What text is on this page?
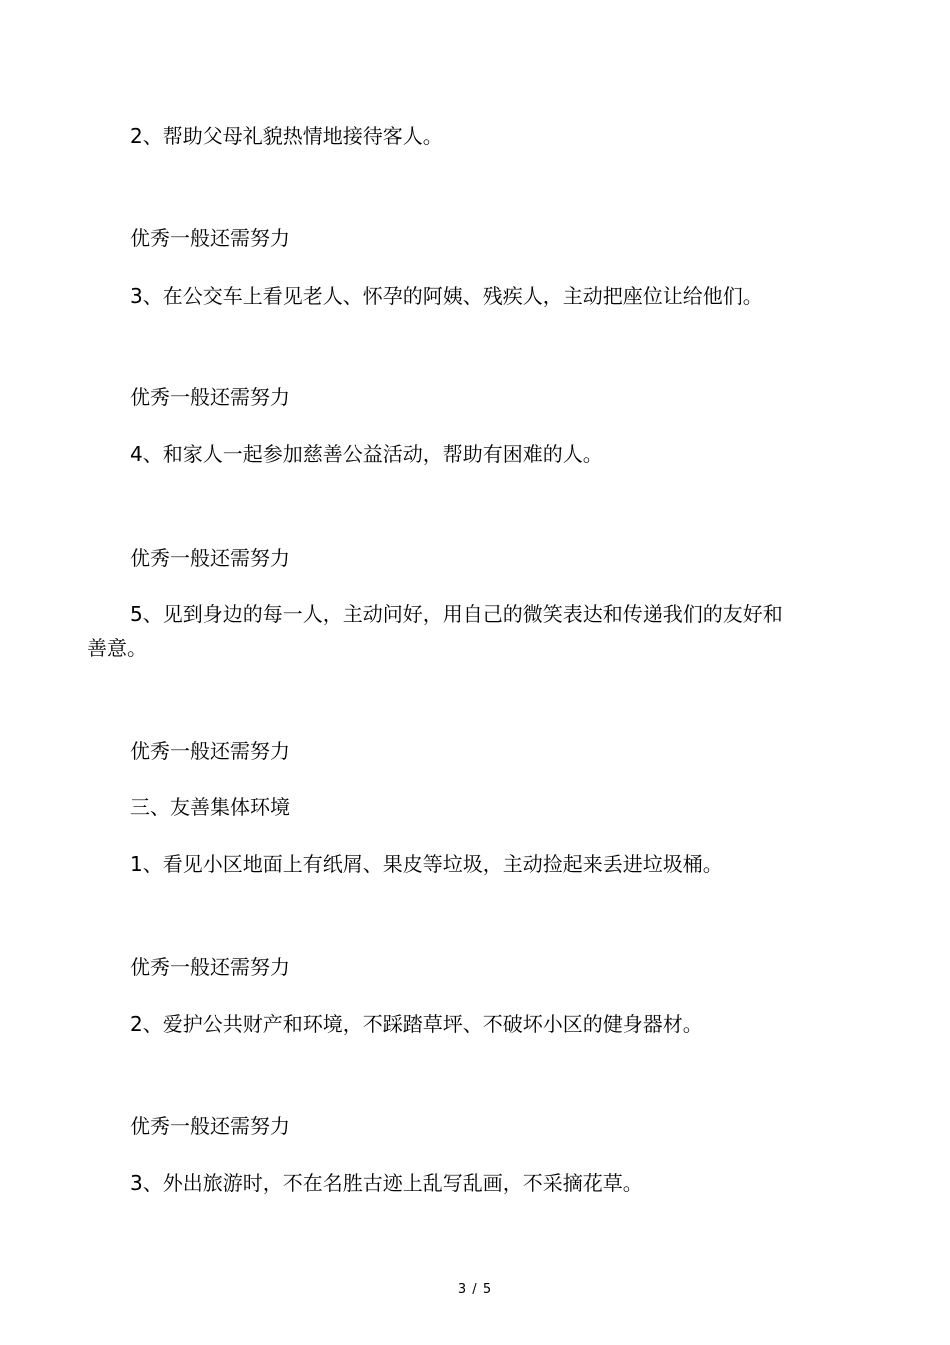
2、帮助父母礼貌热情地接待客人。
优秀一般还需努力
3、在公交车上看见老人、怀孕的阿姨、残疾人，主动把座位让给他们。
优秀一般还需努力
4、和家人一起参加慈善公益活动，帮助有困难的人。
优秀一般还需努力
5、见到身边的每一人，主动问好，用自己的微笑表达和传递我们的友好和
善意。
优秀一般还需努力
三、友善集体环境
1、看见小区地面上有纸屑、果皮等垃圾，主动捡起来丢进垃圾桶。
优秀一般还需努力
2、爱护公共财产和环境，不踩踏草坪、不破坏小区的健身器材。
优秀一般还需努力
3、外出旅游时，不在名胜古迹上乱写乱画，不采摘花草。
3 / 5
